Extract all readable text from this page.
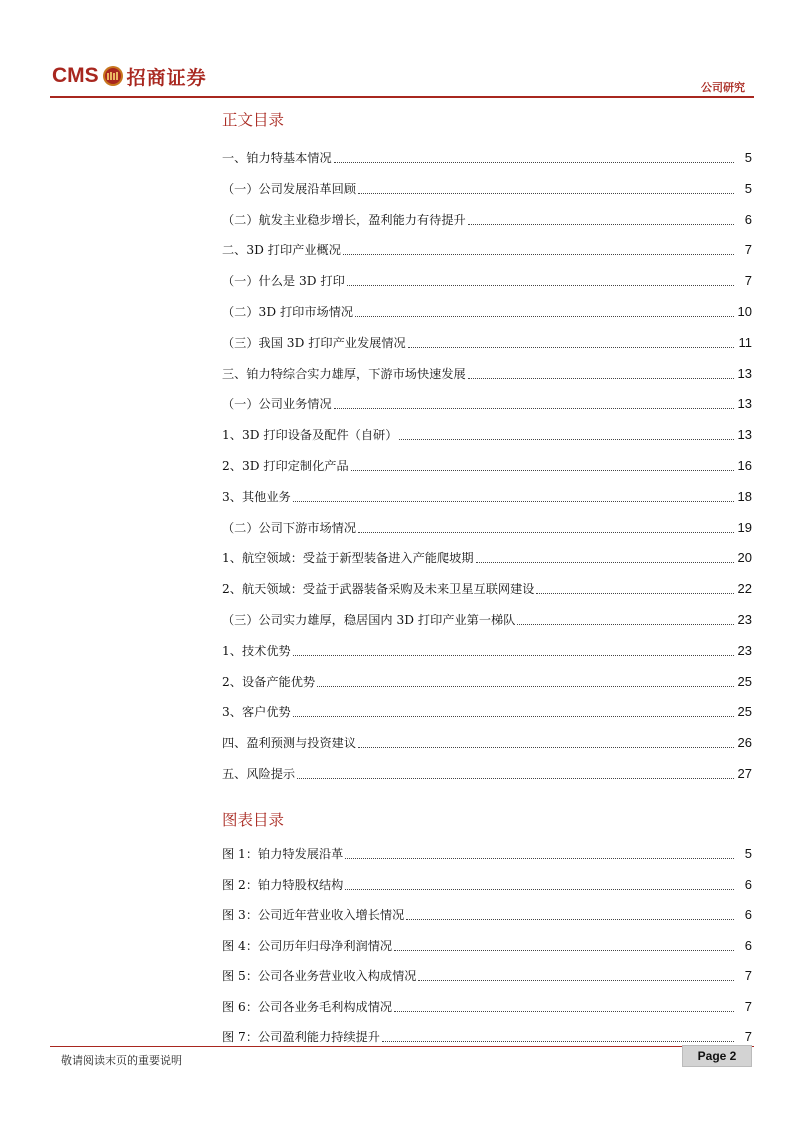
CMS 招商证券	公司研究
正文目录
一、铂力特基本情况	5
（一）公司发展沿革回顾	5
（二）航发主业稳步增长，盈利能力有待提升	6
二、3D 打印产业概况	7
（一）什么是 3D 打印	7
（二）3D 打印市场情况	10
（三）我国 3D 打印产业发展情况	11
三、铂力特综合实力雄厚，下游市场快速发展	13
（一）公司业务情况	13
1、3D 打印设备及配件（自研）	13
2、3D 打印定制化产品	16
3、其他业务	18
（二）公司下游市场情况	19
1、航空领域：受益于新型装备进入产能爬坡期	20
2、航天领域：受益于武器装备采购及未来卫星互联网建设	22
（三）公司实力雄厚，稳居国内 3D 打印产业第一梯队	23
1、技术优势	23
2、设备产能优势	25
3、客户优势	25
四、盈利预测与投资建议	26
五、风险提示	27
图表目录
图 1：铂力特发展沿革	5
图 2：铂力特股权结构	6
图 3：公司近年营业收入增长情况	6
图 4：公司历年归母净利润情况	6
图 5：公司各业务营业收入构成情况	7
图 6：公司各业务毛利构成情况	7
图 7：公司盈利能力持续提升	7
敬请阅读末页的重要说明	Page 2
